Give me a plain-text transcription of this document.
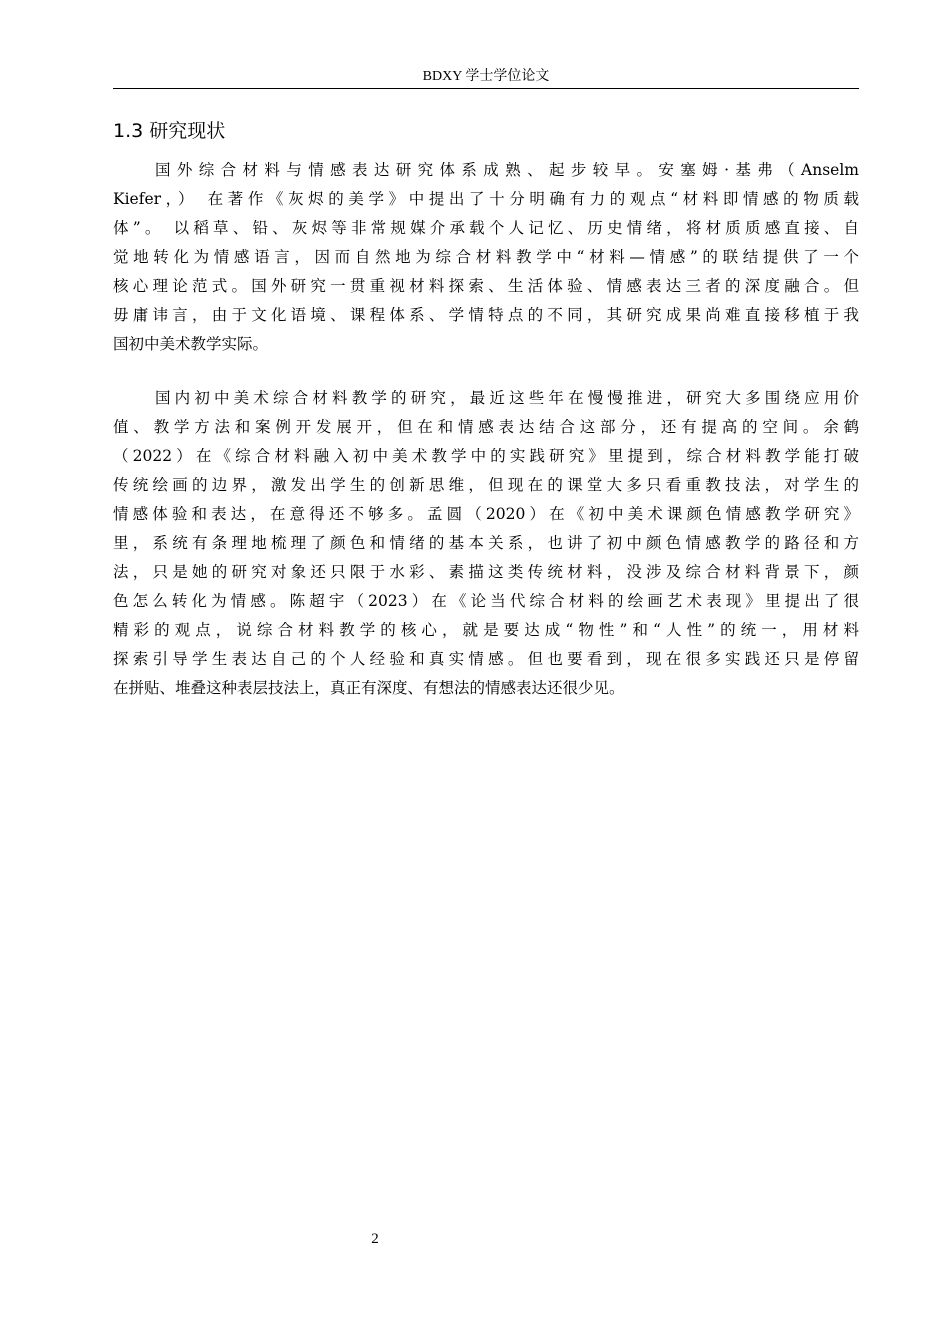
BDXY 学士学位论文
1.3 研究现状
国外综合材料与情感表达研究体系成熟、起步较早。安塞姆·基弗（Anselm
Kiefer，） 在著作《灰烬的美学》中提出了十分明确有力的观点“材料即情感的物质载
体”。 以稻草、铅、灰烬等非常规媒介承载个人记忆、历史情绪，将材质质感直接、自
觉地转化为情感语言，因而自然地为综合材料教学中“材料—情感”的联结提供了一个
核心理论范式。国外研究一贯重视材料探索、生活体验、情感表达三者的深度融合。但
毋庸讳言，由于文化语境、课程体系、学情特点的不同，其研究成果尚难直接移植于我
国初中美术教学实际。
国内初中美术综合材料教学的研究，最近这些年在慢慢推进，研究大多围绕应用价
值、教学方法和案例开发展开，但在和情感表达结合这部分，还有提高的空间。余鹤
（2022）在《综合材料融入初中美术教学中的实践研究》里提到，综合材料教学能打破
传统绘画的边界，激发出学生的创新思维，但现在的课堂大多只看重教技法，对学生的
情感体验和表达，在意得还不够多。孟圆（2020）在《初中美术课颜色情感教学研究》
里，系统有条理地梳理了颜色和情绪的基本关系，也讲了初中颜色情感教学的路径和方
法，只是她的研究对象还只限于水彩、素描这类传统材料，没涉及综合材料背景下，颜
色怎么转化为情感。陈超宇（2023）在《论当代综合材料的绘画艺术表现》里提出了很
精彩的观点，说综合材料教学的核心，就是要达成“物性”和“人性”的统一，用材料
探索引导学生表达自己的个人经验和真实情感。但也要看到，现在很多实践还只是停留
在拼贴、堆叠这种表层技法上，真正有深度、有想法的情感表达还很少见。
2
